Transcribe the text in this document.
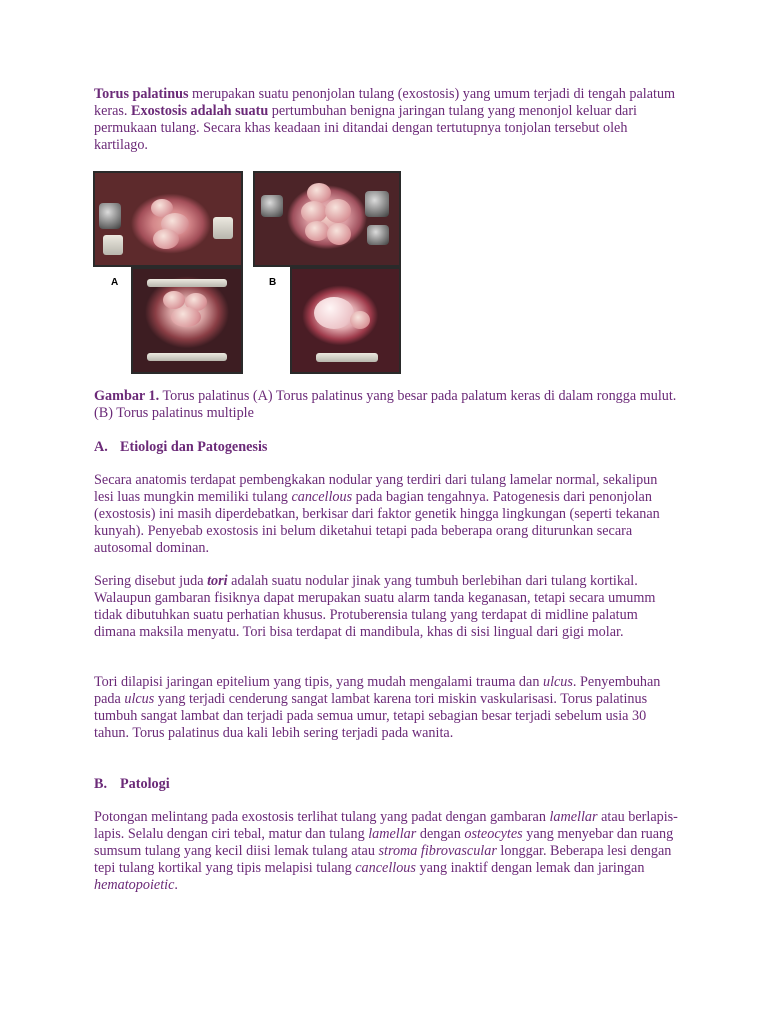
Torus palatinus merupakan suatu penonjolan tulang (exostosis) yang umum terjadi di tengah palatum keras. Exostosis adalah suatu pertumbuhan benigna jaringan tulang yang menonjol keluar dari permukaan tulang. Secara khas keadaan ini ditandai dengan tertutupnya tonjolan tersebut oleh kartilago.

A	B

Gambar 1. Torus palatinus (A) Torus palatinus yang besar pada palatum keras di dalam rongga mulut. (B) Torus palatinus multiple

A. Etiologi dan Patogenesis

Secara anatomis terdapat pembengkakan nodular yang terdiri dari tulang lamelar normal, sekalipun lesi luas mungkin memiliki tulang cancellous pada bagian tengahnya. Patogenesis dari penonjolan (exostosis) ini masih diperdebatkan, berkisar dari faktor genetik hingga lingkungan (seperti tekanan kunyah). Penyebab exostosis ini belum diketahui tetapi pada beberapa orang diturunkan secara autosomal dominan.

Sering disebut juda tori adalah suatu nodular jinak yang tumbuh berlebihan dari tulang kortikal. Walaupun gambaran fisiknya dapat merupakan suatu alarm tanda keganasan, tetapi secara umumm tidak dibutuhkan suatu perhatian khusus. Protuberensia tulang yang terdapat di midline palatum dimana maksila menyatu. Tori bisa terdapat di mandibula, khas di sisi lingual dari gigi molar.

Tori dilapisi jaringan epitelium yang tipis, yang mudah mengalami trauma dan ulcus. Penyembuhan pada ulcus yang terjadi cenderung sangat lambat karena tori miskin vaskularisasi. Torus palatinus tumbuh sangat lambat dan terjadi pada semua umur, tetapi sebagian besar terjadi sebelum usia 30 tahun. Torus palatinus dua kali lebih sering terjadi pada wanita.

B. Patologi

Potongan melintang pada exostosis terlihat tulang yang padat dengan gambaran lamellar atau berlapis-lapis. Selalu dengan ciri tebal, matur dan tulang lamellar dengan osteocytes yang menyebar dan ruang sumsum tulang yang kecil diisi lemak tulang atau stroma fibrovascular longgar. Beberapa lesi dengan tepi tulang kortikal yang tipis melapisi tulang cancellous yang inaktif dengan lemak dan jaringan hematopoietic.
